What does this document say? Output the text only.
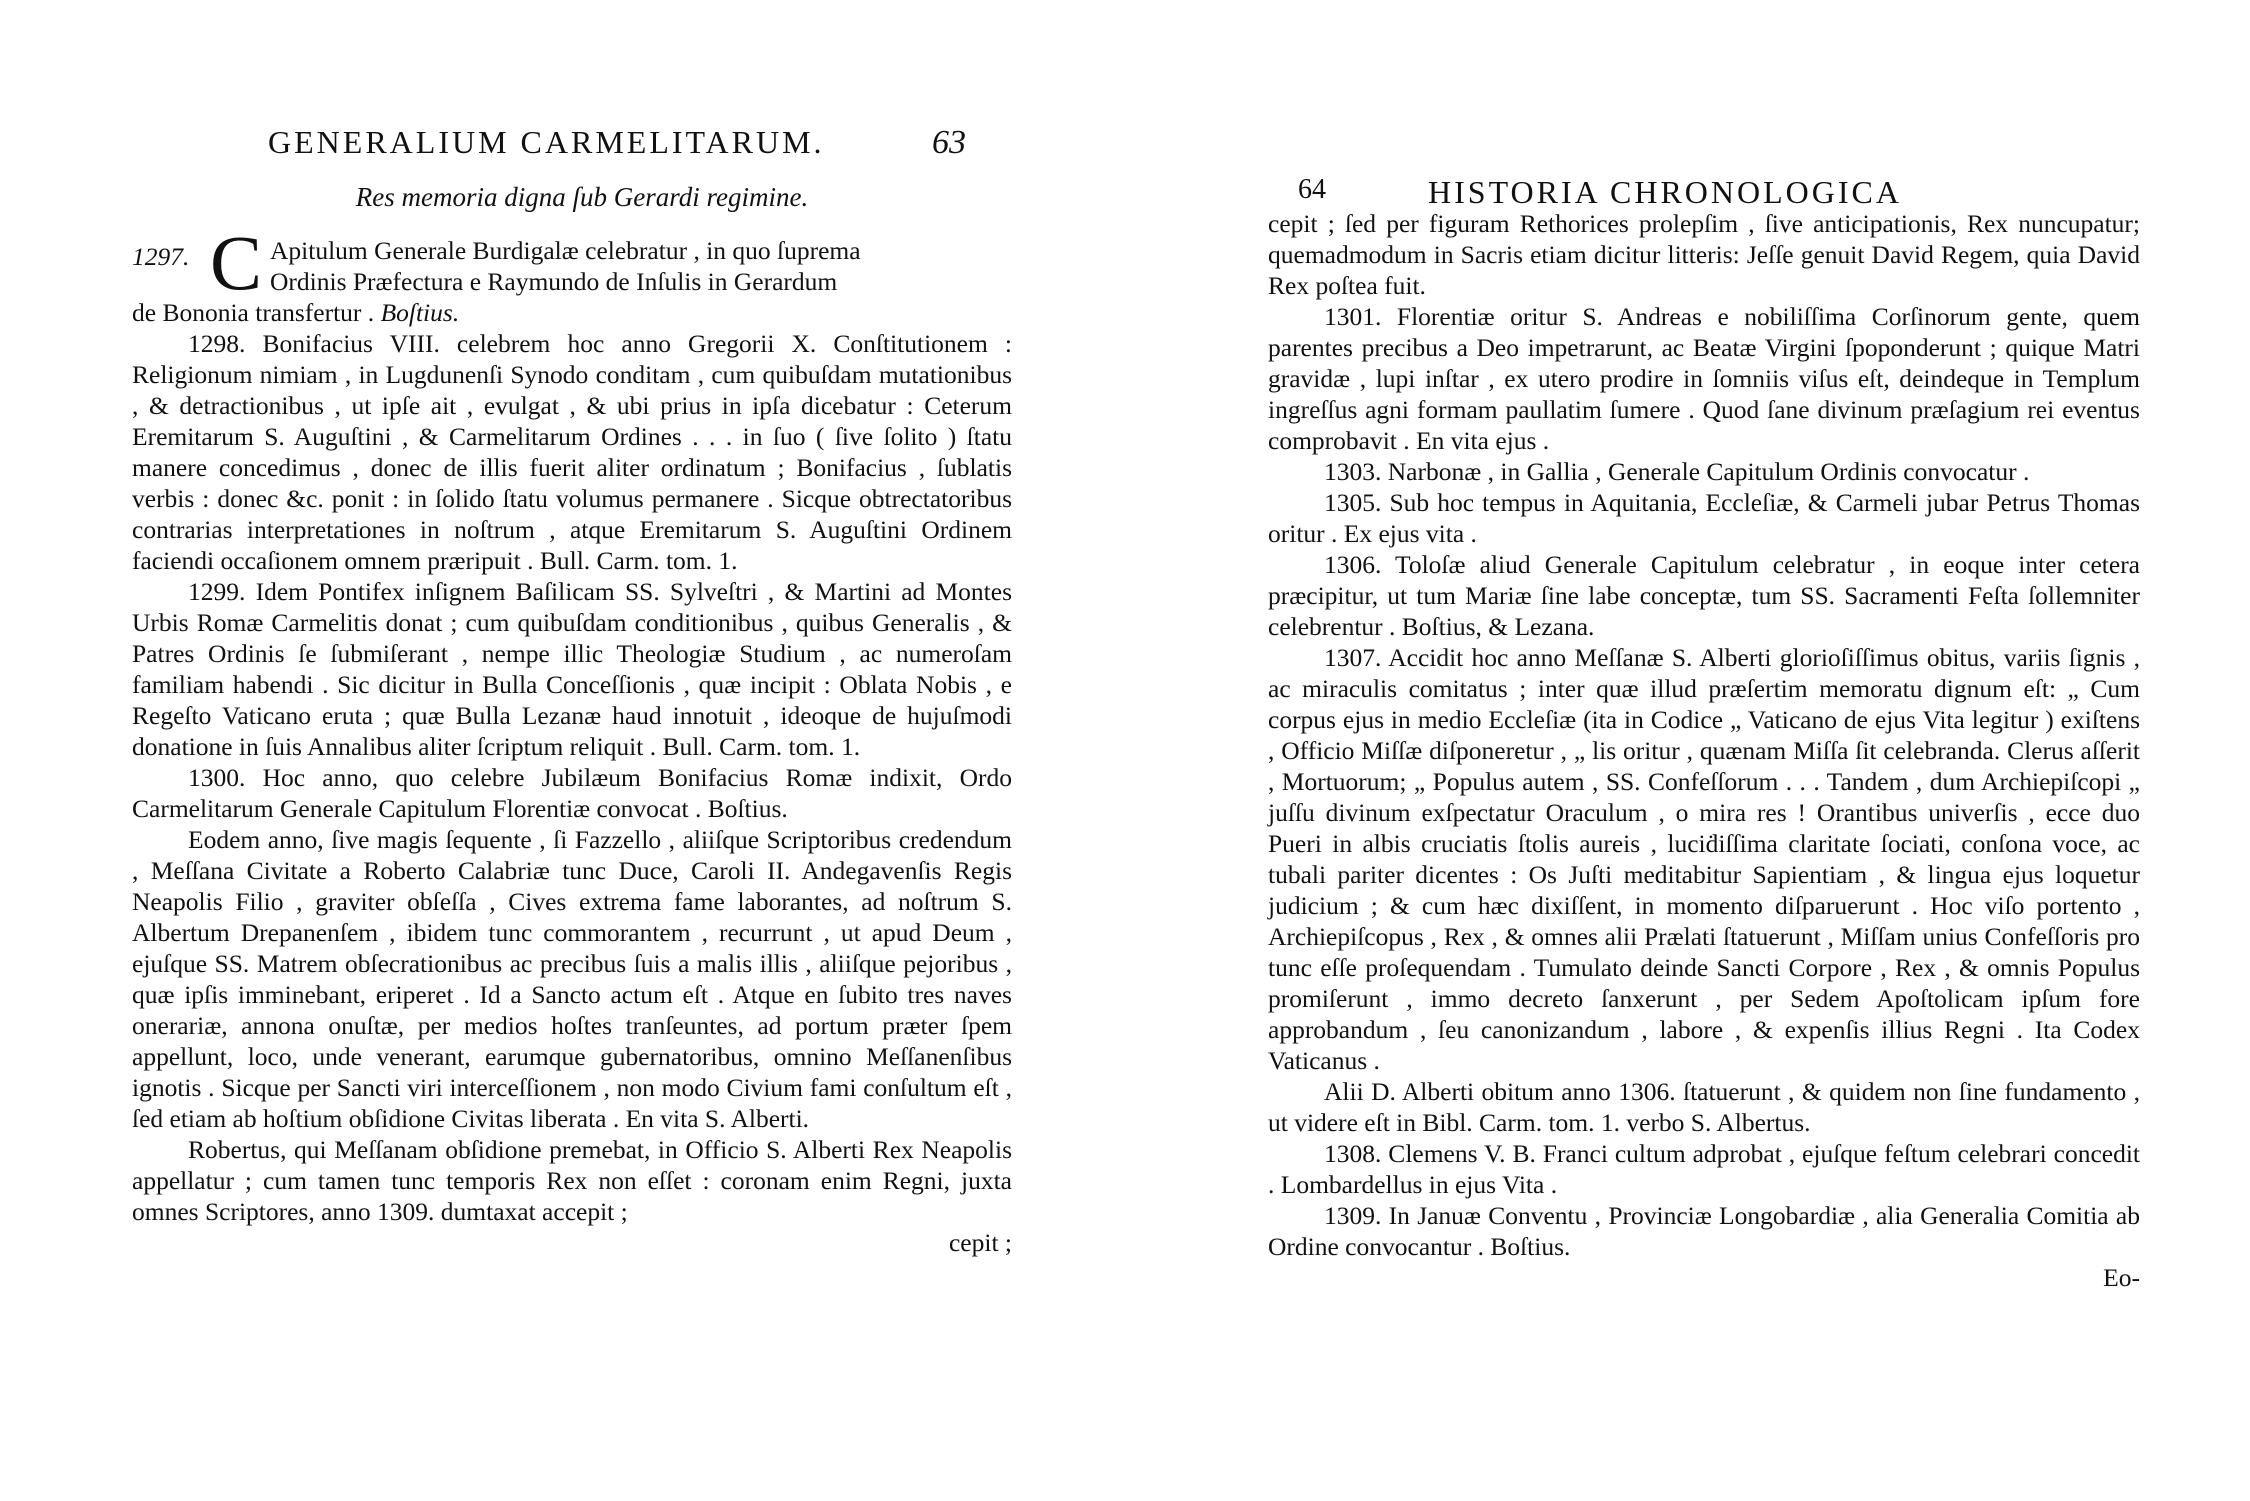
GENERALIUM CARMELITARUM.	63
Res memoria digna ſub Gerardi regimine.

1297. C Apitulum Generale Burdigalæ celebratur , in quo ſuprema
Ordinis Præfectura e Raymundo de Inſulis in Gerardum
de Bononia transfertur . Boſtius.

1298. Bonifacius VIII. celebrem hoc anno Gregorii X. Conſtitutionem : Religionum nimiam , in Lugdunenſi Synodo conditam , cum quibuſdam mutationibus , & detractionibus , ut ipſe ait , evulgat , & ubi prius in ipſa dicebatur : Ceterum Eremitarum S. Auguſtini , & Carmelitarum Ordines . . . in ſuo ( ſive ſolito ) ſtatu manere concedimus , donec de illis fuerit aliter ordinatum ; Bonifacius , ſublatis verbis : donec &c. ponit : in ſolido ſtatu volumus permanere . Sicque obtrectatoribus contrarias interpretationes in noſtrum , atque Eremitarum S. Auguſtini Ordinem faciendi occaſionem omnem præripuit . Bull. Carm. tom. 1.

1299. Idem Pontifex inſignem Baſilicam SS. Sylveſtri , & Martini ad Montes Urbis Romæ Carmelitis donat ; cum quibuſdam conditionibus , quibus Generalis , & Patres Ordinis ſe ſubmiſerant , nempe illic Theologiæ Studium , ac numeroſam familiam habendi . Sic dicitur in Bulla Conceſſionis , quæ incipit : Oblata Nobis , e Regeſto Vaticano eruta ; quæ Bulla Lezanæ haud innotuit , ideoque de hujuſmodi donatione in ſuis Annalibus aliter ſcriptum reliquit . Bull. Carm. tom. 1.

1300. Hoc anno, quo celebre Jubilæum Bonifacius Romæ indixit, Ordo Carmelitarum Generale Capitulum Florentiæ convocat . Boſtius.

Eodem anno, ſive magis ſequente , ſi Fazzello , aliiſque Scriptoribus credendum , Meſſana Civitate a Roberto Calabriæ tunc Duce, Caroli II. Andegavenſis Regis Neapolis Filio , graviter obſeſſa , Cives extrema fame laborantes, ad noſtrum S. Albertum Drepanenſem , ibidem tunc commorantem , recurrunt , ut apud Deum , ejuſque SS. Matrem obſecrationibus ac precibus ſuis a malis illis , aliiſque pejoribus , quæ ipſis imminebant, eriperet . Id a Sancto actum eſt . Atque en ſubito tres naves onerariæ, annona onuſtæ, per medios hoſtes tranſeuntes, ad portum præter ſpem appellunt, loco, unde venerant, earumque gubernatoribus, omnino Meſſanenſibus ignotis . Sicque per Sancti viri interceſſionem , non modo Civium fami conſultum eſt , ſed etiam ab hoſtium obſidione Civitas liberata . En vita S. Alberti.

Robertus, qui Meſſanam obſidione premebat, in Officio S. Alberti Rex Neapolis appellatur ; cum tamen tunc temporis Rex non eſſet : coronam enim Regni, juxta omnes Scriptores, anno 1309. dumtaxat accepit ;

cepit ;
64	HISTORIA CHRONOLOGICA

cepit ; ſed per figuram Rethorices prolepſim , ſive anticipationis, Rex nuncupatur; quemadmodum in Sacris etiam dicitur litteris: Jeſſe genuit David Regem, quia David Rex poſtea fuit.

1301. Florentiæ oritur S. Andreas e nobiliſſima Corſinorum gente, quem parentes precibus a Deo impetrarunt, ac Beatæ Virgini ſpoponderunt ; quique Matri gravidæ , lupi inſtar , ex utero prodire in ſomniis viſus eſt, deindeque in Templum ingreſſus agni formam paullatim ſumere . Quod ſane divinum præſagium rei eventus comprobavit . En vita ejus .

1303. Narbonæ , in Gallia , Generale Capitulum Ordinis convocatur .

1305. Sub hoc tempus in Aquitania, Eccleſiæ, & Carmeli jubar Petrus Thomas oritur . Ex ejus vita .

1306. Toloſæ aliud Generale Capitulum celebratur , in eoque inter cetera præcipitur, ut tum Mariæ ſine labe conceptæ, tum SS. Sacramenti Feſta ſollemniter celebrentur . Boſtius, & Lezana.

1307. Accidit hoc anno Meſſanæ S. Alberti glorioſiſſimus obitus, variis ſignis , ac miraculis comitatus ; inter quæ illud præſertim memoratu dignum eſt: „ Cum corpus ejus in medio Eccleſiæ (ita in Codice „ Vaticano de ejus Vita legitur ) exiſtens , Officio Miſſæ diſponeretur , „ lis oritur , quænam Miſſa ſit celebranda. Clerus aſſerit , Mortuorum; „ Populus autem , SS. Confeſſorum . . . Tandem , dum Archiepiſcopi „ juſſu divinum exſpectatur Oraculum , o mira res ! Orantibus univerſis , ecce duo Pueri in albis cruciatis ſtolis aureis , luciḋiſſima claritate ſociati, conſona voce, ac tubali pariter dicentes : Os Juſti meditabitur Sapientiam , & lingua ejus loquetur judicium ; & cum hæc dixiſſent, in momento diſparuerunt . Hoc viſo portento , Archiepiſcopus , Rex , & omnes alii Prælati ſtatuerunt , Miſſam unius Confeſſoris pro tunc eſſe proſequendam . Tumulato deinde Sancti Corpore , Rex , & omnis Populus promiſerunt , immo decreto ſanxerunt , per Sedem Apoſtolicam ipſum fore approbandum , ſeu canonizandum , labore , & expenſis illius Regni . Ita Codex Vaticanus .

Alii D. Alberti obitum anno 1306. ſtatuerunt , & quidem non ſine fundamento , ut videre eſt in Bibl. Carm. tom. 1. verbo S. Albertus.

1308. Clemens V. B. Franci cultum adprobat , ejuſque feſtum celebrari concedit . Lombardellus in ejus Vita .

1309. In Januæ Conventu , Provinciæ Longobardiæ , alia Generalia Comitia ab Ordine convocantur . Boſtius.

Eo-
